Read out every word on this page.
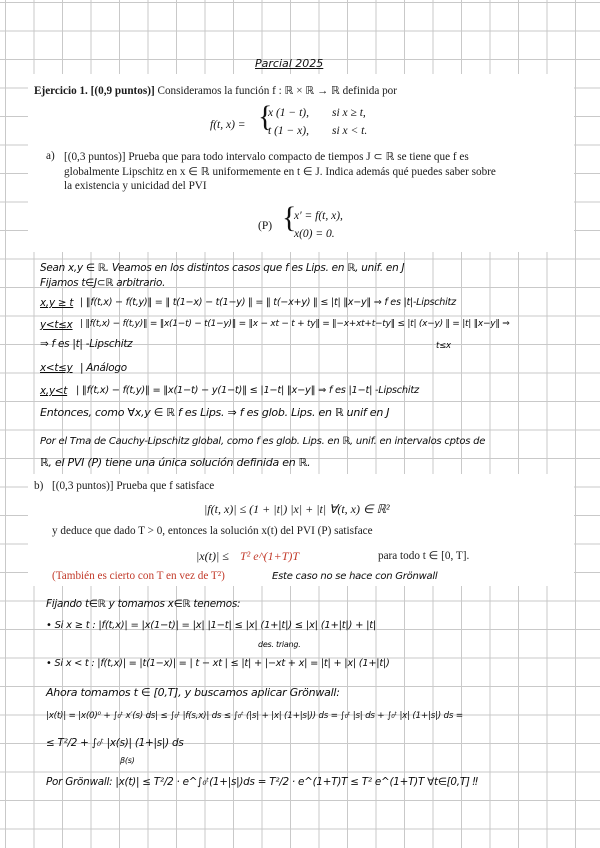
Parcial 2025
Ejercicio 1. [(0,9 puntos)] Consideramos la función f : ℝ × ℝ → ℝ definida por
f(t, x) = {
x (1 − t), si x ≥ t,
t (1 − x), si x < t.
a) [(0,3 puntos)] Prueba que para todo intervalo compacto de tiempos J ⊂ ℝ se tiene que f es
globalmente Lipschitz en x ∈ ℝ uniformemente en t ∈ J. Indica además qué puedes saber sobre
la existencia y unicidad del PVI
(P) {
x′ = f(t, x),
x(0) = 0.
Sean x,y ∈ ℝ. Veamos en los distintos casos que f es Lips. en ℝ, unif. en J
Fijamos t∈J⊂ℝ arbitrario.
x,y ≥ t | ‖f(t,x) − f(t,y)‖ = ‖ t(1−x) − t(1−y) ‖ = ‖ t(−x+y) ‖ ≤ |t| ‖x−y‖ ⇒ f es |t|-Lipschitz
y<t≤x | ‖f(t,x) − f(t,y)‖ = ‖x(1−t) − t(1−y)‖ = ‖x − xt − t + ty‖ = ‖−x+xt+t−ty‖ ≤ |t| (x−y) ‖ = |t| ‖x−y‖ ⇒
⇒ f es |t| -Lipschitz	t≤x
x<t≤y | Análogo
x,y<t | ‖f(t,x) − f(t,y)‖ = ‖x(1−t) − y(1−t)‖ ≤ |1−t| ‖x−y‖ ⇒ f es |1−t| -Lipschitz
Entonces, como ∀x,y ∈ ℝ f es Lips. ⇒ f es glob. Lips. en ℝ unif en J
Por el Tma de Cauchy-Lipschitz global, como f es glob. Lips. en ℝ, unif. en intervalos cptos de
ℝ, el PVI (P) tiene una única solución definida en ℝ.
b) [(0,3 puntos)] Prueba que f satisface
|f(t, x)| ≤ (1 + |t|) |x| + |t| ∀(t, x) ∈ ℝ²
y deduce que dado T > 0, entonces la solución x(t) del PVI (P) satisface
|x(t)| ≤ T² e^(1+T)T	para todo t ∈ [0, T].
(También es cierto con T en vez de T²)	Este caso no se hace con Grönwall
Fijando t∈ℝ y tomamos x∈ℝ tenemos:
• Si x ≥ t : |f(t,x)| = |x(1−t)| = |x| |1−t| ≤ |x| (1+|t|) ≤ |x| (1+|t|) + |t|
des. triang.
• Si x < t : |f(t,x)| = |t(1−x)| = | t − xt | ≤ |t| + |−xt + x| = |t| + |x| (1+|t|)
Ahora tomamos t ∈ [0,T], y buscamos aplicar Grönwall:
|x(t)| = |x(0)⁰ + ∫₀ᵗ x′(s) ds| ≤ ∫₀ᵗ |f(s,x)| ds ≤ ∫₀ᵗ (|s| + |x| (1+|s|)) ds = ∫₀ᵗ |s| ds + ∫₀ᵗ |x| (1+|s|) ds =
≤ T²/2 + ∫₀ᵗ |x(s)| (1+|s|) ds
β(s)
Por Grönwall: |x(t)| ≤ T²/2 · e^∫₀ᵗ(1+|s|)ds = T²/2 · e^(1+T)T ≤ T² e^(1+T)T ∀t∈[0,T] ‼
